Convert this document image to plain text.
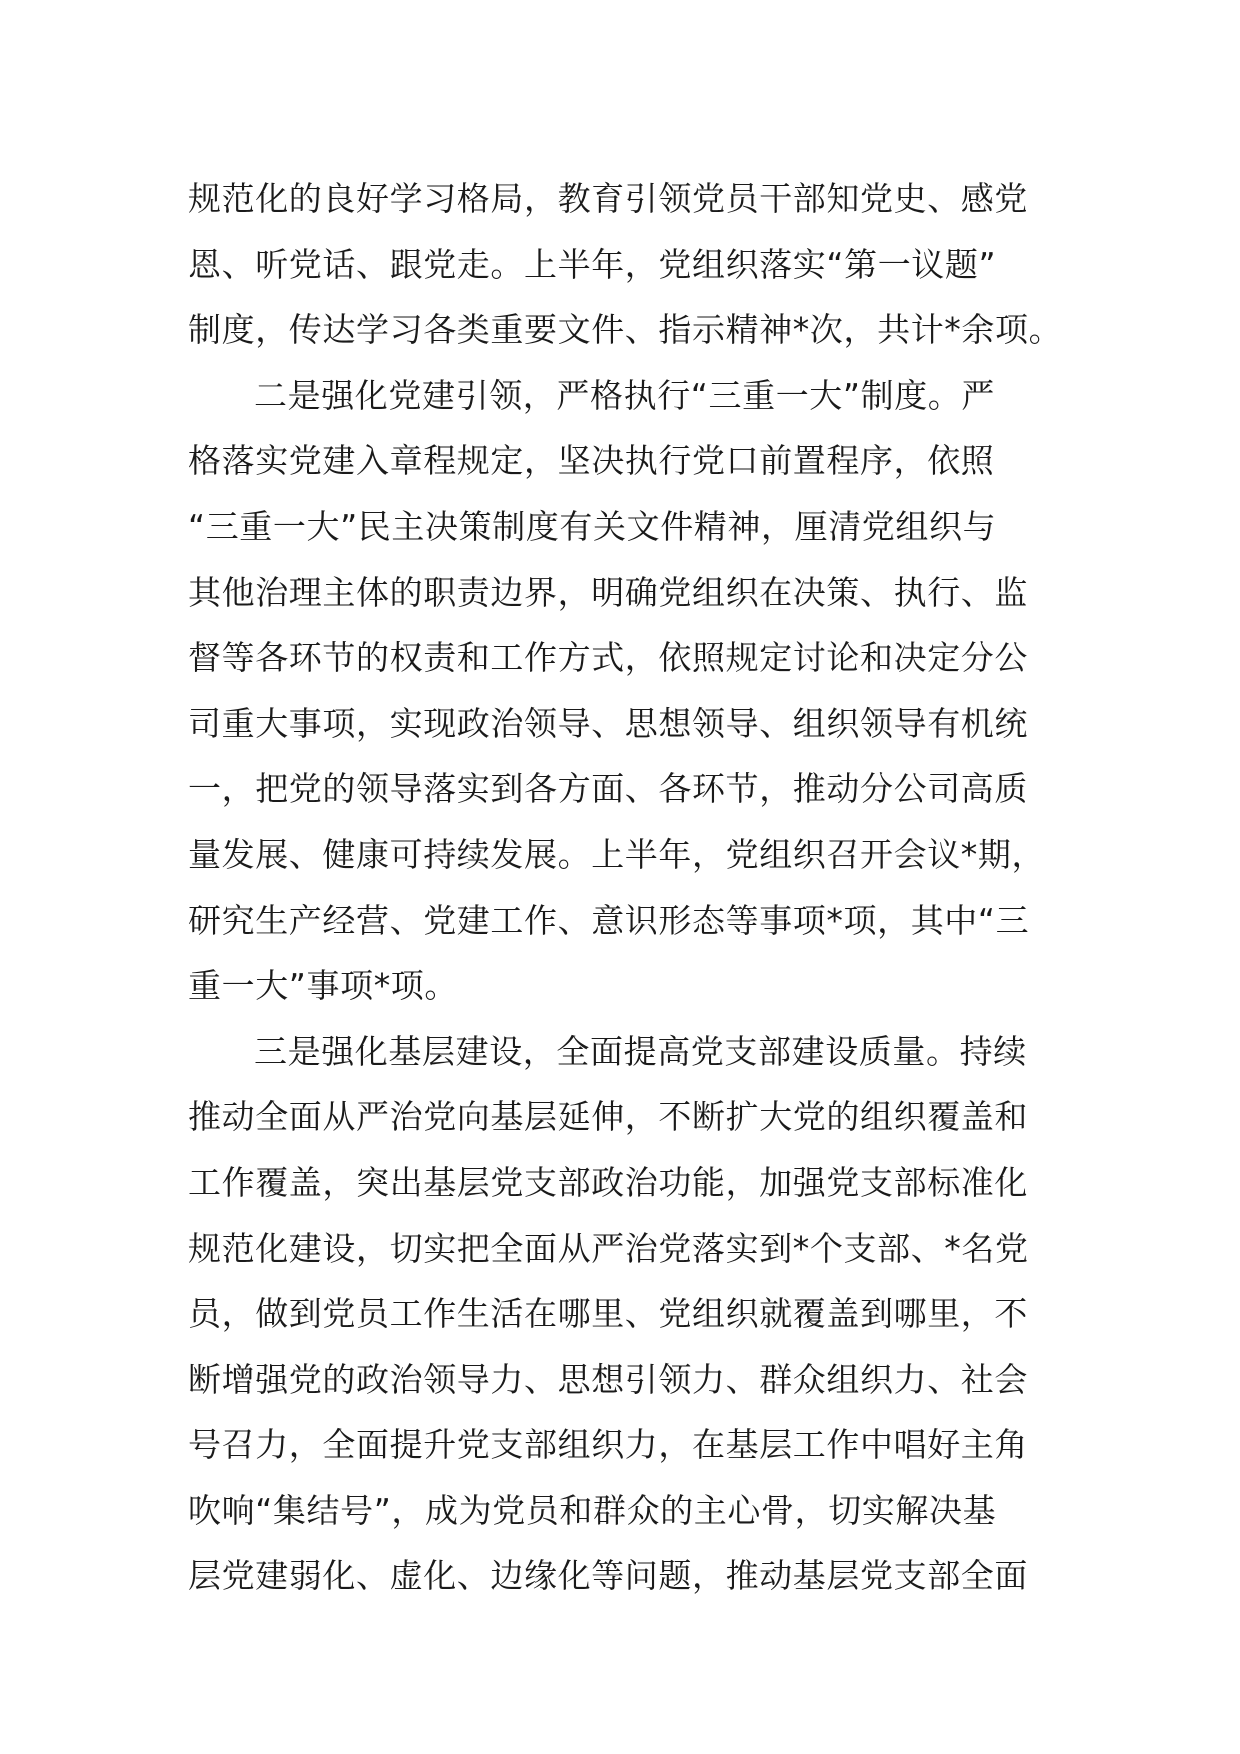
规范化的良好学习格局，教育引领党员干部知党史、感党
恩、听党话、跟党走。上半年，党组织落实“第一议题”
制度，传达学习各类重要文件、指示精神*次，共计*余项。
二是强化党建引领，严格执行“三重一大”制度。严
格落实党建入章程规定，坚决执行党口前置程序，依照
“三重一大”民主决策制度有关文件精神，厘清党组织与
其他治理主体的职责边界，明确党组织在决策、执行、监
督等各环节的权责和工作方式，依照规定讨论和决定分公
司重大事项，实现政治领导、思想领导、组织领导有机统
一，把党的领导落实到各方面、各环节，推动分公司高质
量发展、健康可持续发展。上半年，党组织召开会议*期，
研究生产经营、党建工作、意识形态等事项*项，其中“三
重一大”事项*项。
三是强化基层建设，全面提高党支部建设质量。持续
推动全面从严治党向基层延伸，不断扩大党的组织覆盖和
工作覆盖，突出基层党支部政治功能，加强党支部标准化
规范化建设，切实把全面从严治党落实到*个支部、*名党
员，做到党员工作生活在哪里、党组织就覆盖到哪里，不
断增强党的政治领导力、思想引领力、群众组织力、社会
号召力，全面提升党支部组织力，在基层工作中唱好主角
吹响“集结号”，成为党员和群众的主心骨，切实解决基
层党建弱化、虚化、边缘化等问题，推动基层党支部全面
